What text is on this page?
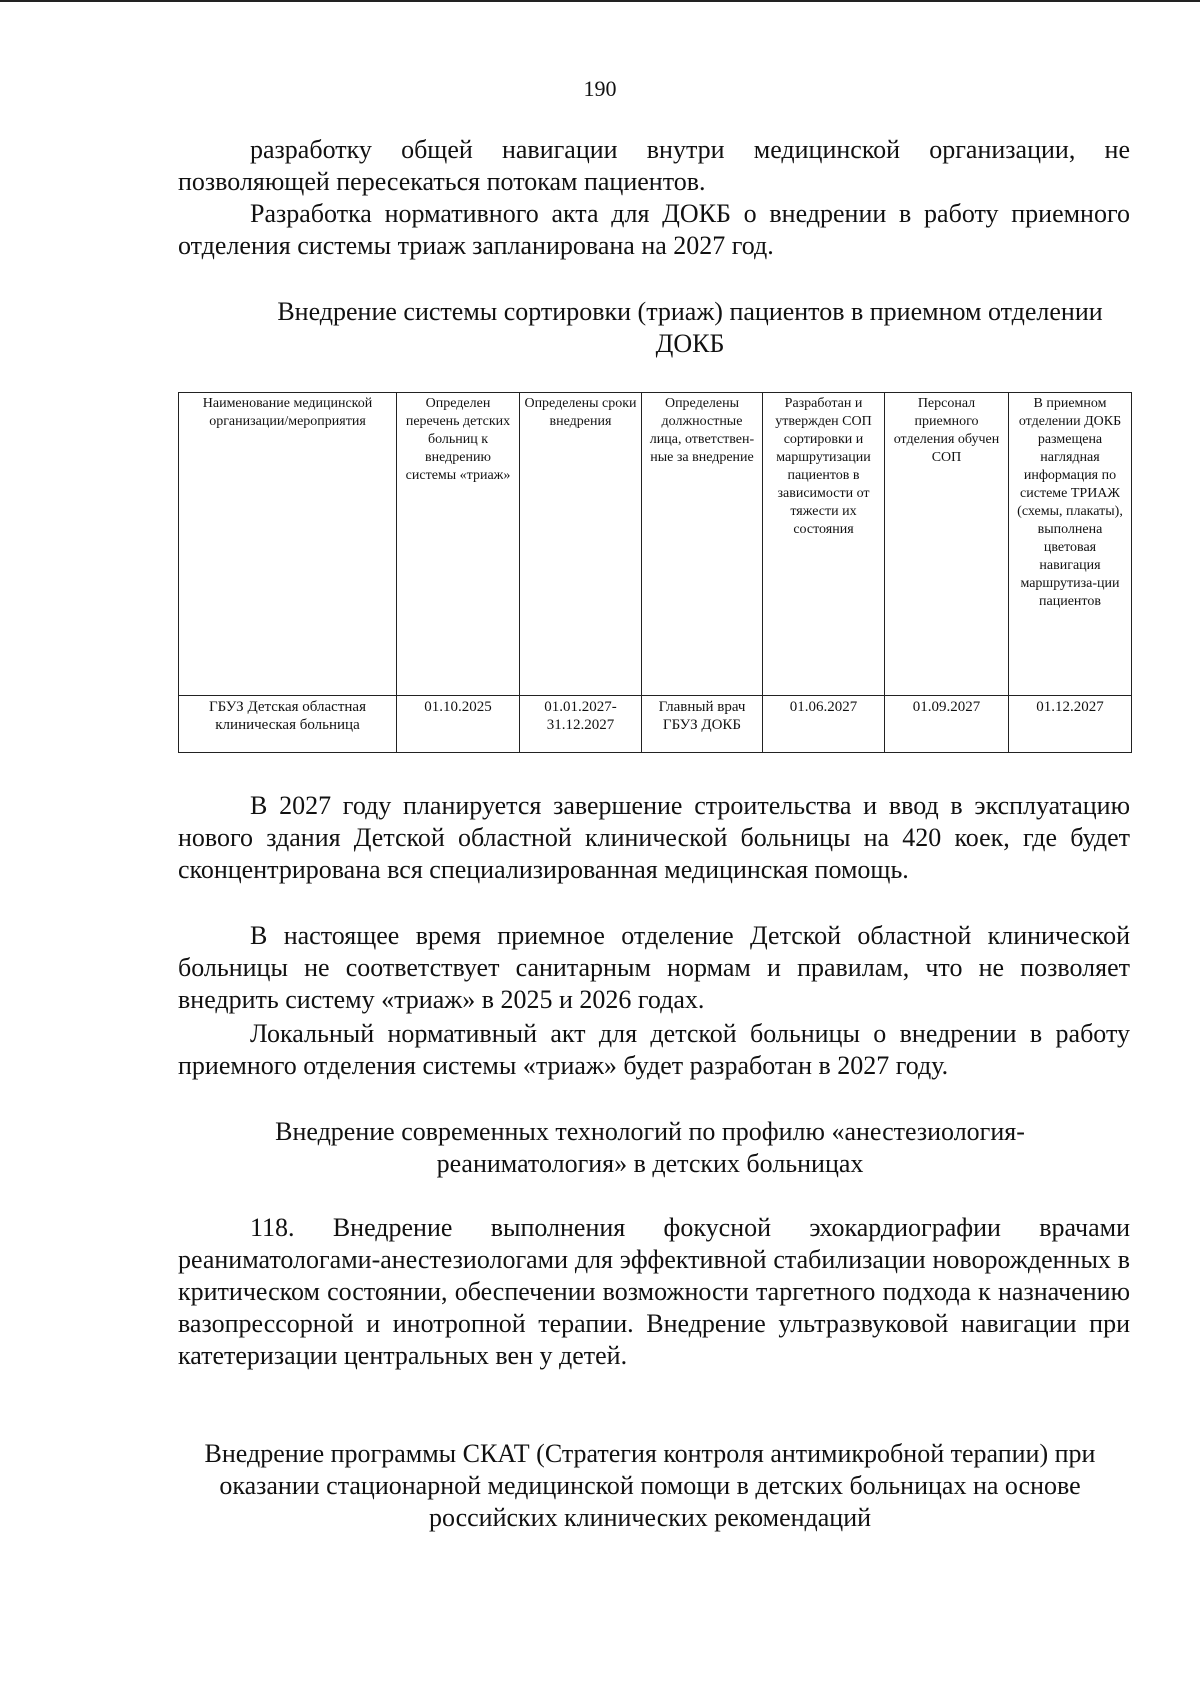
190

разработку общей навигации внутри медицинской организации, не позволяющей пересекаться потокам пациентов.

Разработка нормативного акта для ДОКБ о внедрении в работу приемного отделения системы триаж запланирована на 2027 год.

Внедрение системы сортировки (триаж) пациентов в приемном отделении ДОКБ

Наименование медицинской организации/мероприятия	Определен перечень детских больниц к внедрению системы «триаж»	Определены сроки внедрения	Определены должностные лица, ответствен-ные за внедрение	Разработан и утвержден СОП сортировки и маршрутизации пациентов в зависимости от тяжести их состояния	Персонал приемного отделения обучен СОП	В приемном отделении ДОКБ размещена наглядная информация по системе ТРИАЖ (схемы, плакаты), выполнена цветовая навигация маршрутиза-ции пациентов
ГБУЗ Детская областная клиническая больница	01.10.2025	01.01.2027- 31.12.2027	Главный врач ГБУЗ ДОКБ	01.06.2027	01.09.2027	01.12.2027

В 2027 году планируется завершение строительства и ввод в эксплуатацию нового здания Детской областной клинической больницы на 420 коек, где будет сконцентрирована вся специализированная медицинская помощь.

В настоящее время приемное отделение Детской областной клинической больницы не соответствует санитарным нормам и правилам, что не позволяет внедрить систему «триаж» в 2025 и 2026 годах.

Локальный нормативный акт для детской больницы о внедрении в работу приемного отделения системы «триаж» будет разработан в 2027 году.

Внедрение современных технологий по профилю «анестезиология-реаниматология» в детских больницах

118. Внедрение выполнения фокусной эхокардиографии врачами реаниматологами-анестезиологами для эффективной стабилизации новорожденных в критическом состоянии, обеспечении возможности таргетного подхода к назначению вазопрессорной и инотропной терапии. Внедрение ультразвуковой навигации при катетеризации центральных вен у детей.

Внедрение программы СКАТ (Стратегия контроля антимикробной терапии) при оказании стационарной медицинской помощи в детских больницах на основе российских клинических рекомендаций
